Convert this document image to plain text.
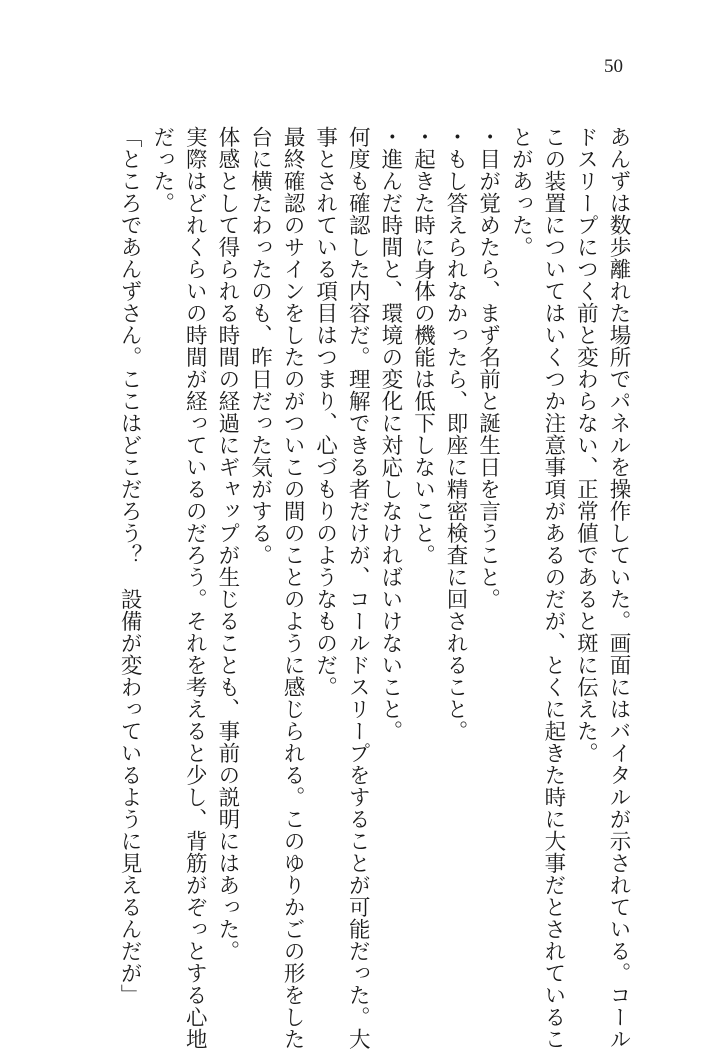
50
あんずは数歩離れた場所でパネルを操作していた。画面にはバイタルが示されている。コール
ドスリープにつく前と変わらない、正常値であると斑に伝えた。
この装置についてはいくつか注意事項があるのだが、とくに起きた時に大事だとされているこ
とがあった。
・目が覚めたら、まず名前と誕生日を言うこと。
・もし答えられなかったら、即座に精密検査に回されること。
・起きた時に身体の機能は低下しないこと。
・進んだ時間と、環境の変化に対応しなければいけないこと。
何度も確認した内容だ。理解できる者だけが、コールドスリープをすることが可能だった。大
事とされている項目はつまり、心づもりのようなものだ。
最終確認のサインをしたのがついこの間のことのように感じられる。このゆりかごの形をした
台に横たわったのも、昨日だった気がする。
体感として得られる時間の経過にギャップが生じることも、事前の説明にはあった。
実際はどれくらいの時間が経っているのだろう。それを考えると少し、背筋がぞっとする心地
だった。
「ところであんずさん。ここはどこだろう？　設備が変わっているように見えるんだが」
